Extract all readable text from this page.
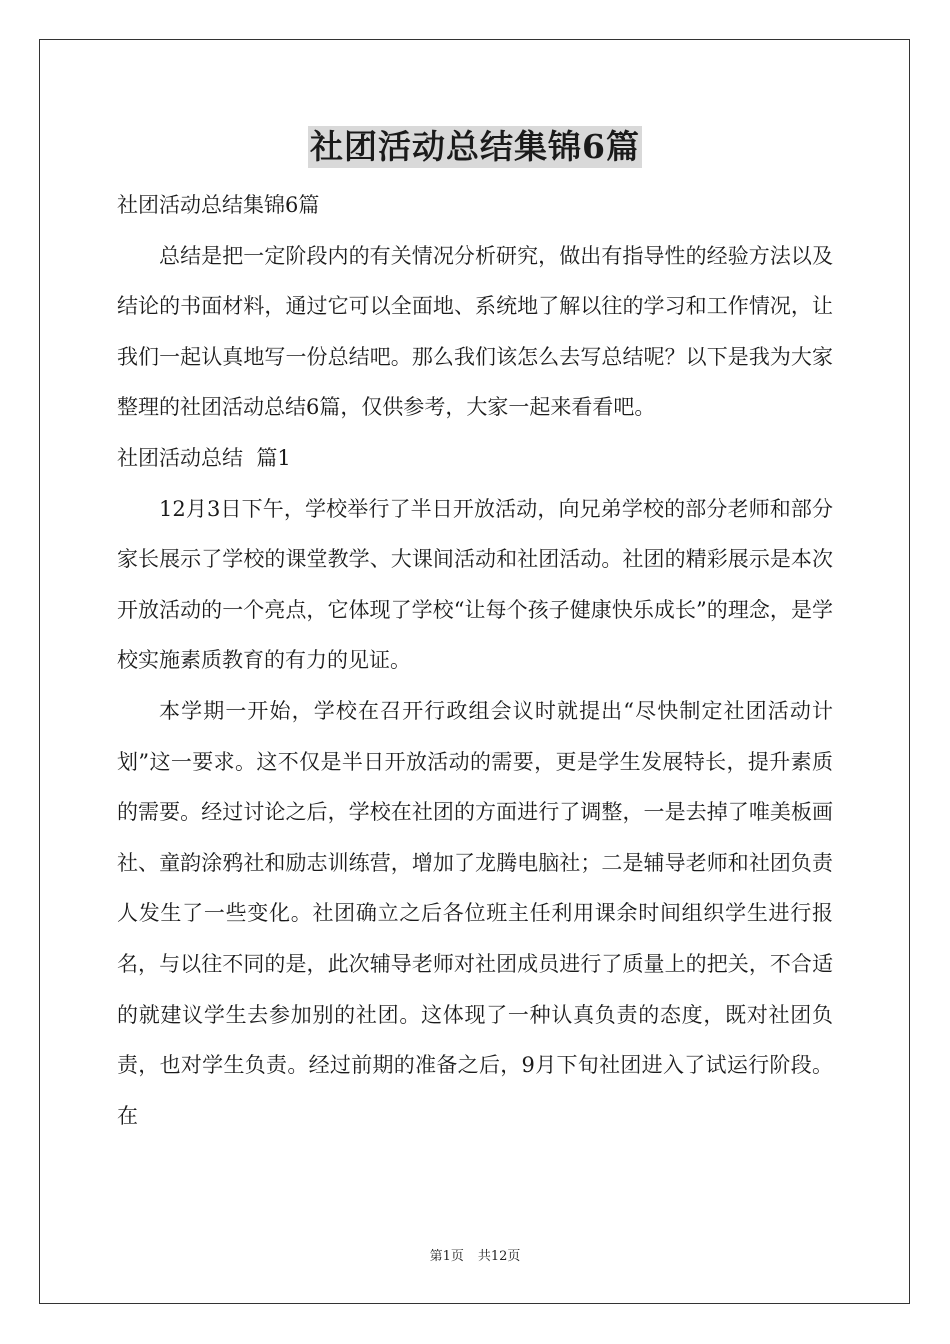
社团活动总结集锦6篇

社团活动总结集锦6篇

总结是把一定阶段内的有关情况分析研究，做出有指导性的经验方法以及结论的书面材料，通过它可以全面地、系统地了解以往的学习和工作情况，让我们一起认真地写一份总结吧。那么我们该怎么去写总结呢？以下是我为大家整理的社团活动总结6篇，仅供参考，大家一起来看看吧。

社团活动总结  篇1

12月3日下午，学校举行了半日开放活动，向兄弟学校的部分老师和部分家长展示了学校的课堂教学、大课间活动和社团活动。社团的精彩展示是本次开放活动的一个亮点，它体现了学校“让每个孩子健康快乐成长”的理念，是学校实施素质教育的有力的见证。

本学期一开始，学校在召开行政组会议时就提出“尽快制定社团活动计划”这一要求。这不仅是半日开放活动的需要，更是学生发展特长，提升素质的需要。经过讨论之后，学校在社团的方面进行了调整，一是去掉了唯美板画社、童韵涂鸦社和励志训练营，增加了龙腾电脑社；二是辅导老师和社团负责人发生了一些变化。社团确立之后各位班主任利用课余时间组织学生进行报名，与以往不同的是，此次辅导老师对社团成员进行了质量上的把关，不合适的就建议学生去参加别的社团。这体现了一种认真负责的态度，既对社团负责，也对学生负责。经过前期的准备之后，9月下旬社团进入了试运行阶段。在

第1页 共12页
